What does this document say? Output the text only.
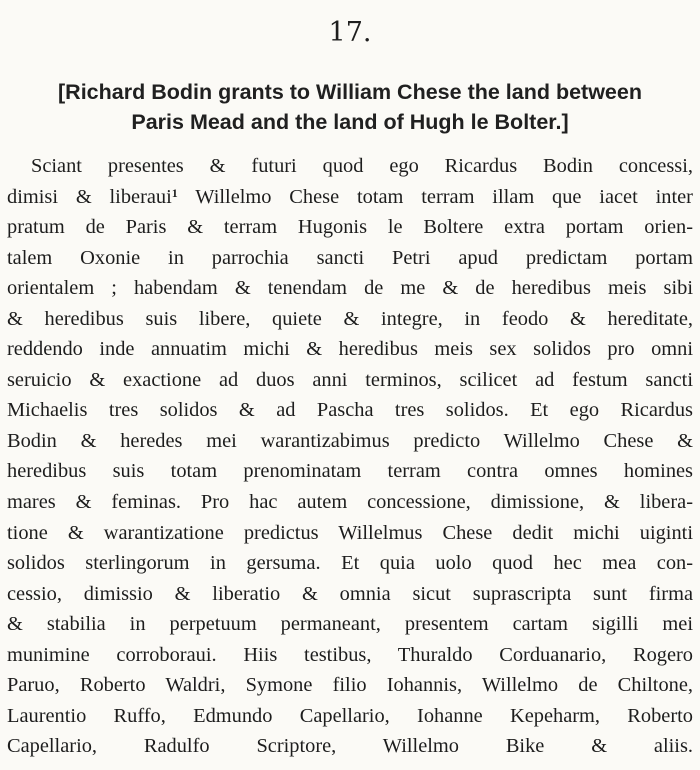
17.
[Richard Bodin grants to William Chese the land between
Paris Mead and the land of Hugh le Bolter.]
Sciant presentes & futuri quod ego Ricardus Bodin concessi,
dimisi & liberaui$^1$ Willelmo Chese totam terram illam que iacet inter
pratum de Paris & terram Hugonis le Boltere extra portam orien-
talem Oxonie in parrochia sancti Petri apud predictam portam
orientalem ; habendam & tenendam de me & de heredibus meis sibi
& heredibus suis libere, quiete & integre, in feodo & hereditate,
reddendo inde annuatim michi & heredibus meis sex solidos pro omni
seruicio & exactione ad duos anni terminos, scilicet ad festum sancti
Michaelis tres solidos & ad Pascha tres solidos. Et ego Ricardus
Bodin & heredes mei warantizabimus predicto Willelmo Chese &
heredibus suis totam prenominatam terram contra omnes homines
mares & feminas. Pro hac autem concessione, dimissione, & libera-
tione & warantizatione predictus Willelmus Chese dedit michi uiginti
solidos sterlingorum in gersuma. Et quia uolo quod hec mea con-
cessio, dimissio & liberatio & omnia sicut suprascripta sunt firma
& stabilia in perpetuum permaneant, presentem cartam sigilli mei
munimine corroboraui. Hiis testibus, Thuraldo Corduanario, Rogero
Paruo, Roberto Waldri, Symone filio Iohannis, Willelmo de Chiltone,
Laurentio Ruffo, Edmundo Capellario, Iohanne Kepeharm, Roberto
Capellario, Radulfo Scriptore, Willelmo Bike & aliis.
